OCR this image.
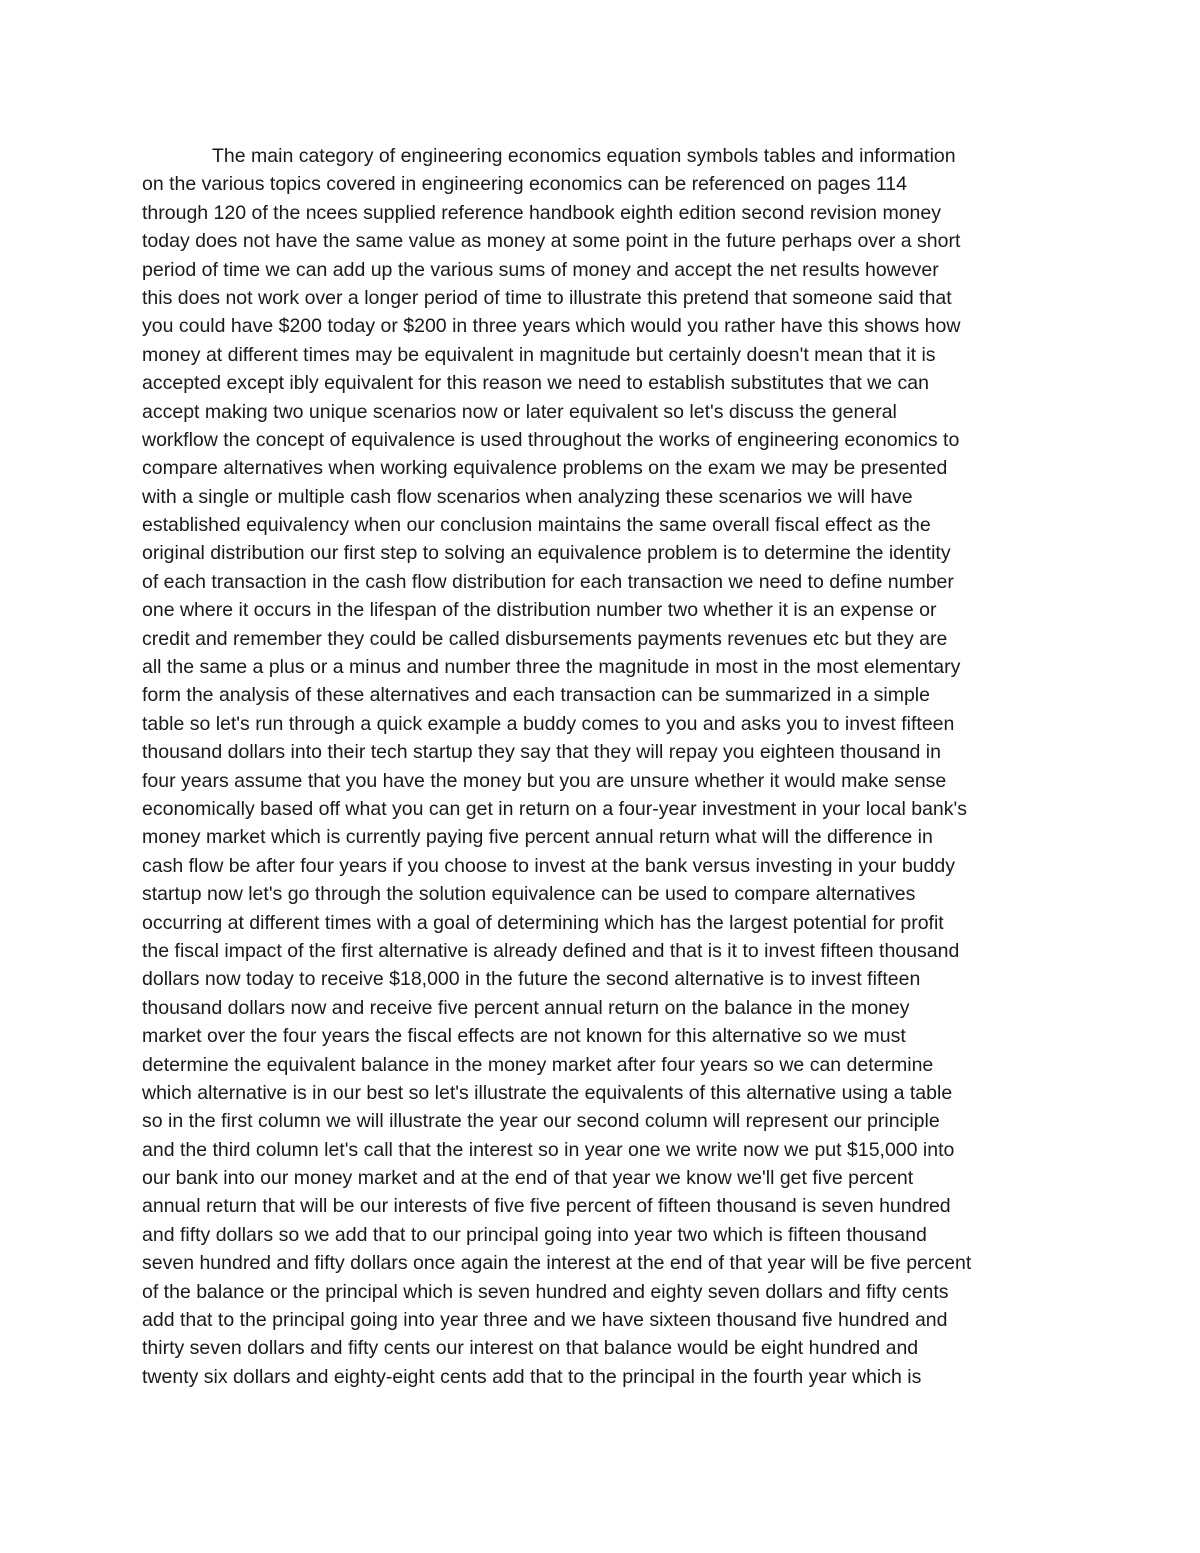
The main category of engineering economics equation symbols tables and information
on the various topics covered in engineering economics can be referenced on pages 114
through 120 of the ncees supplied reference handbook eighth edition second revision money
today does not have the same value as money at some point in the future perhaps over a short
period of time we can add up the various sums of money and accept the net results however
this does not work over a longer period of time to illustrate this pretend that someone said that
you could have $200 today or $200 in three years which would you rather have this shows how
money at different times may be equivalent in magnitude but certainly doesn't mean that it is
accepted except ibly equivalent for this reason we need to establish substitutes that we can
accept making two unique scenarios now or later equivalent so let's discuss the general
workflow the concept of equivalence is used throughout the works of engineering economics to
compare alternatives when working equivalence problems on the exam we may be presented
with a single or multiple cash flow scenarios when analyzing these scenarios we will have
established equivalency when our conclusion maintains the same overall fiscal effect as the
original distribution our first step to solving an equivalence problem is to determine the identity
of each transaction in the cash flow distribution for each transaction we need to define number
one where it occurs in the lifespan of the distribution number two whether it is an expense or
credit and remember they could be called disbursements payments revenues etc but they are
all the same a plus or a minus and number three the magnitude in most in the most elementary
form the analysis of these alternatives and each transaction can be summarized in a simple
table so let's run through a quick example a buddy comes to you and asks you to invest fifteen
thousand dollars into their tech startup they say that they will repay you eighteen thousand in
four years assume that you have the money but you are unsure whether it would make sense
economically based off what you can get in return on a four-year investment in your local bank's
money market which is currently paying five percent annual return what will the difference in
cash flow be after four years if you choose to invest at the bank versus investing in your buddy
startup now let's go through the solution equivalence can be used to compare alternatives
occurring at different times with a goal of determining which has the largest potential for profit
the fiscal impact of the first alternative is already defined and that is it to invest fifteen thousand
dollars now today to receive $18,000 in the future the second alternative is to invest fifteen
thousand dollars now and receive five percent annual return on the balance in the money
market over the four years the fiscal effects are not known for this alternative so we must
determine the equivalent balance in the money market after four years so we can determine
which alternative is in our best so let's illustrate the equivalents of this alternative using a table
so in the first column we will illustrate the year our second column will represent our principle
and the third column let's call that the interest so in year one we write now we put $15,000 into
our bank into our money market and at the end of that year we know we'll get five percent
annual return that will be our interests of five five percent of fifteen thousand is seven hundred
and fifty dollars so we add that to our principal going into year two which is fifteen thousand
seven hundred and fifty dollars once again the interest at the end of that year will be five percent
of the balance or the principal which is seven hundred and eighty seven dollars and fifty cents
add that to the principal going into year three and we have sixteen thousand five hundred and
thirty seven dollars and fifty cents our interest on that balance would be eight hundred and
twenty six dollars and eighty-eight cents add that to the principal in the fourth year which is
